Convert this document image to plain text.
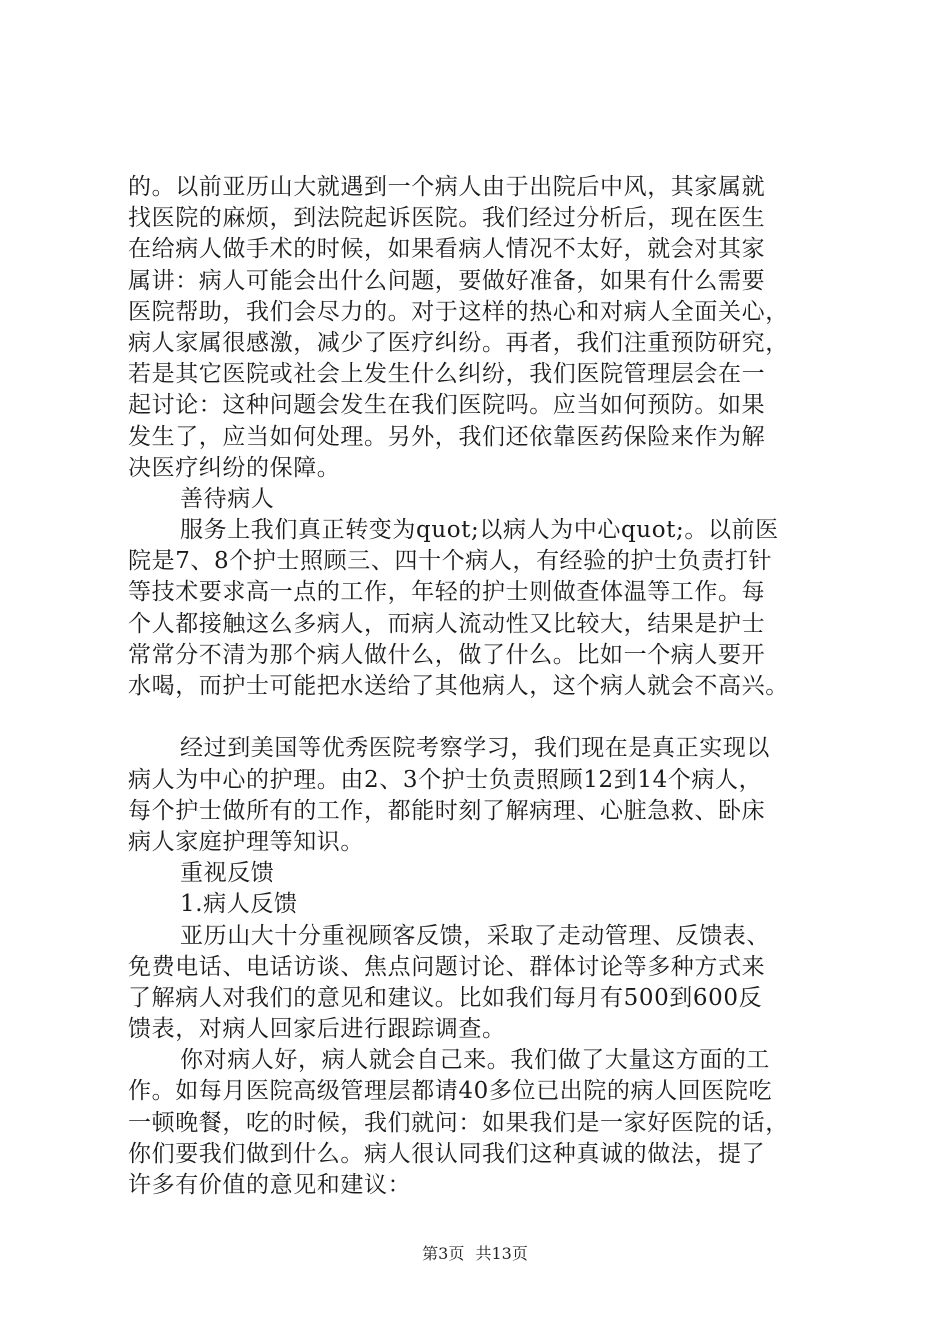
的。以前亚历山大就遇到一个病人由于出院后中风，其家属就
找医院的麻烦，到法院起诉医院。我们经过分析后，现在医生
在给病人做手术的时候，如果看病人情况不太好，就会对其家
属讲：病人可能会出什么问题，要做好准备，如果有什么需要
医院帮助，我们会尽力的。对于这样的热心和对病人全面关心，
病人家属很感激，减少了医疗纠纷。再者，我们注重预防研究，
若是其它医院或社会上发生什么纠纷，我们医院管理层会在一
起讨论：这种问题会发生在我们医院吗。应当如何预防。如果
发生了，应当如何处理。另外，我们还依靠医药保险来作为解
决医疗纠纷的保障。
善待病人
服务上我们真正转变为quot;以病人为中心quot;。以前医
院是7、8个护士照顾三、四十个病人，有经验的护士负责打针
等技术要求高一点的工作，年轻的护士则做查体温等工作。每
个人都接触这么多病人，而病人流动性又比较大，结果是护士
常常分不清为那个病人做什么，做了什么。比如一个病人要开
水喝，而护士可能把水送给了其他病人，这个病人就会不高兴。
经过到美国等优秀医院考察学习，我们现在是真正实现以
病人为中心的护理。由2、3个护士负责照顾12到14个病人，
每个护士做所有的工作，都能时刻了解病理、心脏急救、卧床
病人家庭护理等知识。
重视反馈
1.病人反馈
亚历山大十分重视顾客反馈，采取了走动管理、反馈表、
免费电话、电话访谈、焦点问题讨论、群体讨论等多种方式来
了解病人对我们的意见和建议。比如我们每月有500到600反
馈表，对病人回家后进行跟踪调查。
你对病人好，病人就会自己来。我们做了大量这方面的工
作。如每月医院高级管理层都请40多位已出院的病人回医院吃
一顿晚餐，吃的时候，我们就问：如果我们是一家好医院的话，
你们要我们做到什么。病人很认同我们这种真诚的做法，提了
许多有价值的意见和建议：
第3页 共13页
